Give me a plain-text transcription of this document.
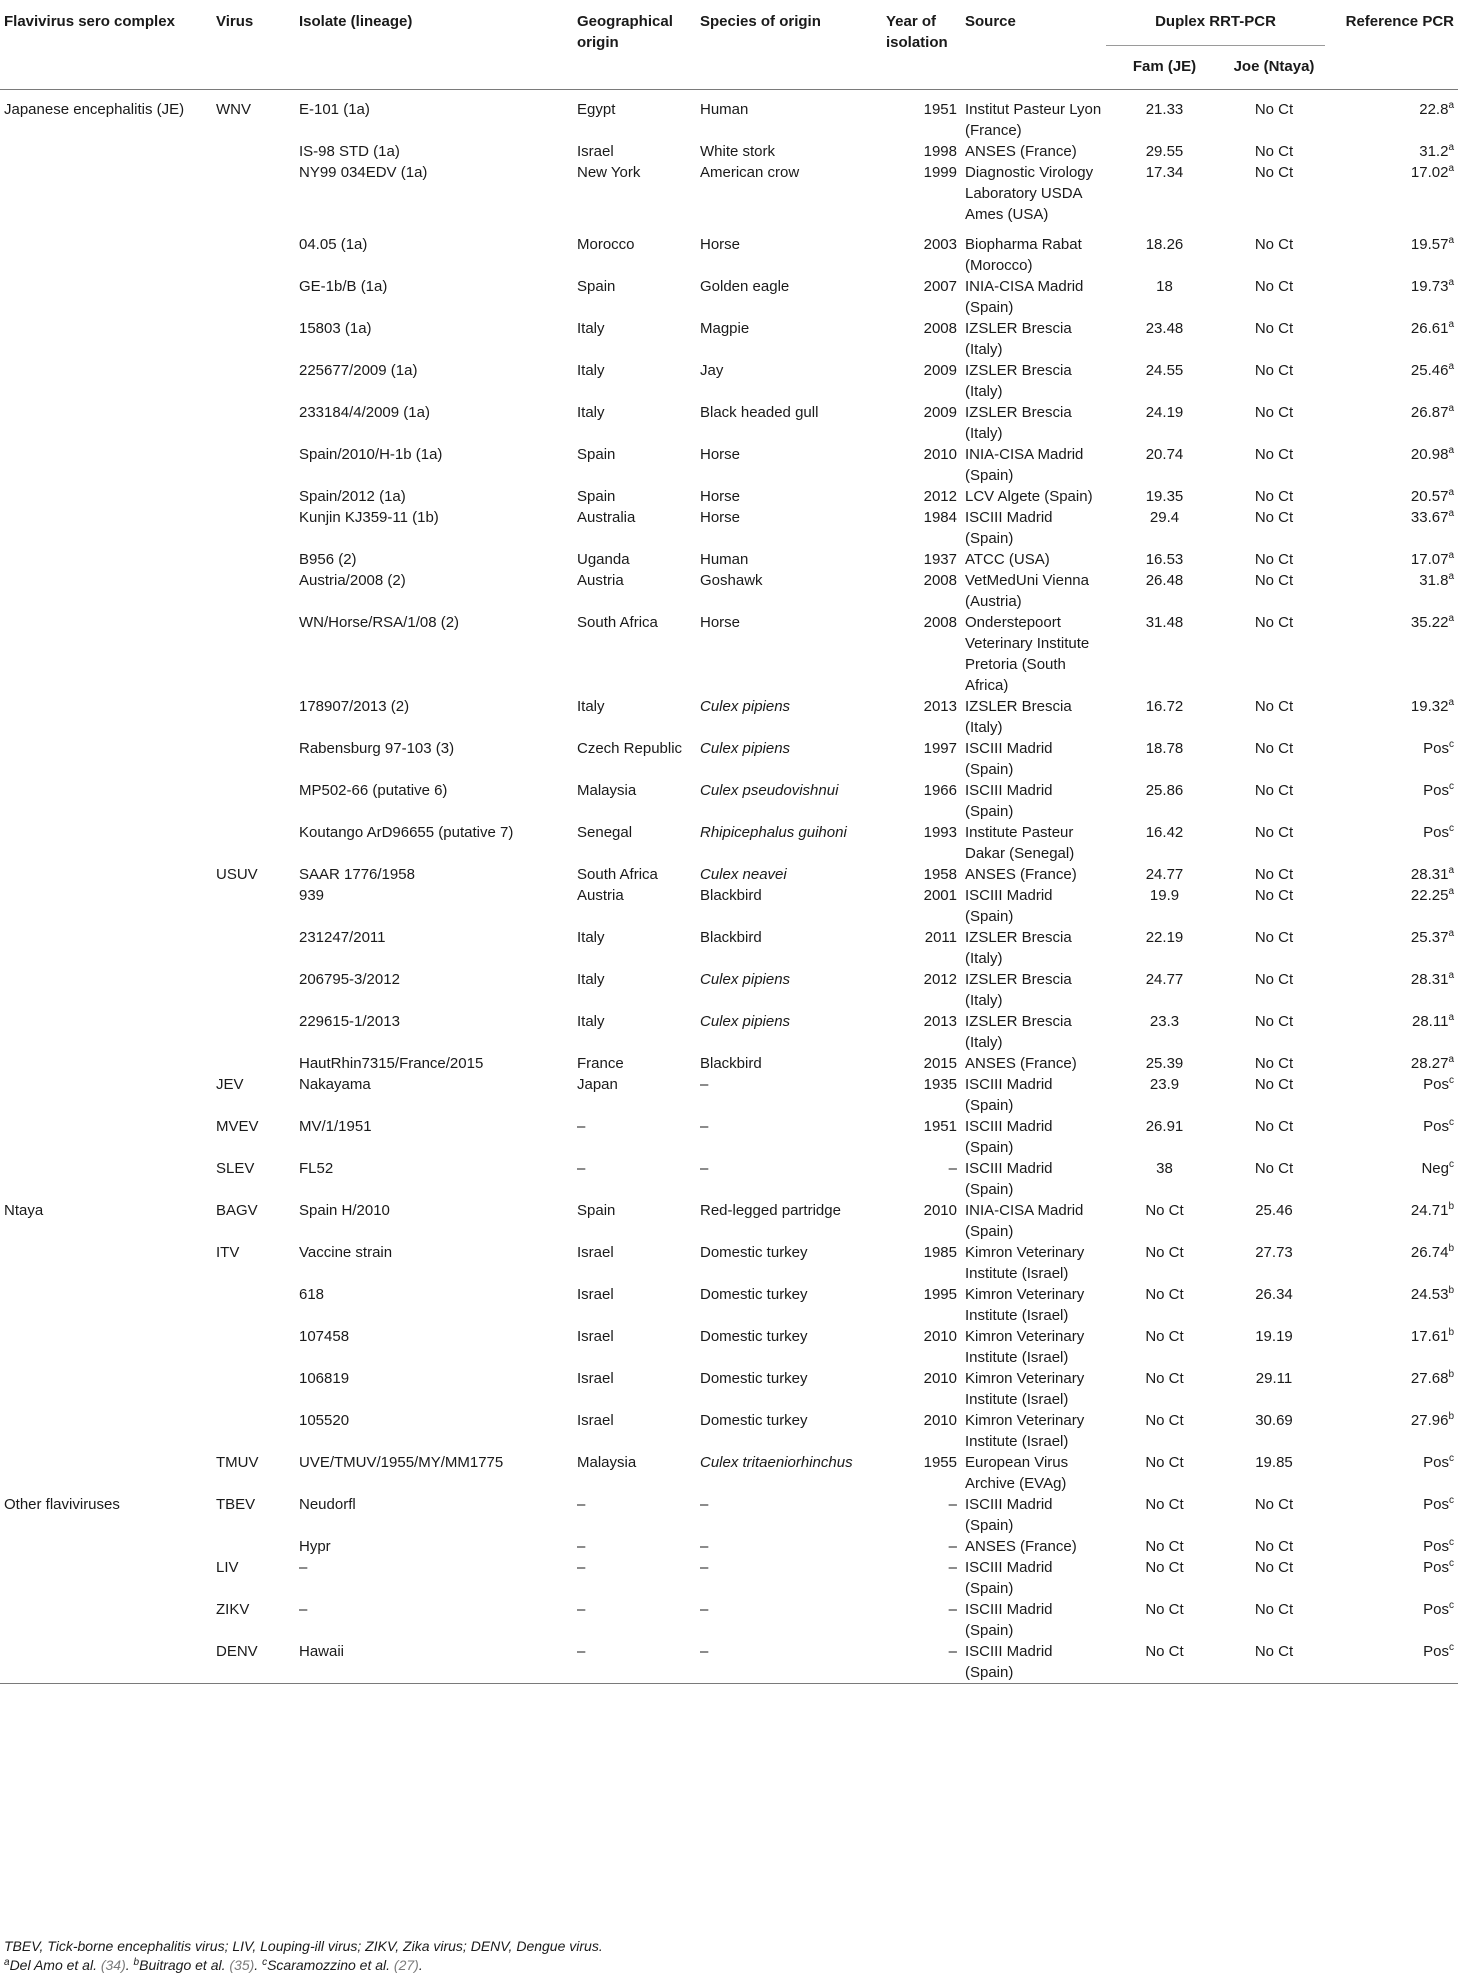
Flavivirus sero complex	Virus	Isolate (lineage)	Geographical origin	Species of origin	Year of isolation	Source	Duplex RRT-PCR		Reference PCR
							Fam (JE)	Joe (Ntaya)	
Japanese encephalitis (JE)	WNV	E-101 (1a)	Egypt	Human	1951	Institut Pasteur Lyon (France)	21.33	No Ct	22.8$^a$
		IS-98 STD (1a)	Israel	White stork	1998	ANSES (France)	29.55	No Ct	31.2$^a$
		NY99 034EDV (1a)	New York	American crow	1999	Diagnostic Virology Laboratory USDA Ames (USA)	17.34	No Ct	17.02$^a$
		04.05 (1a)	Morocco	Horse	2003	Biopharma Rabat (Morocco)	18.26	No Ct	19.57$^a$
		GE-1b/B (1a)	Spain	Golden eagle	2007	INIA-CISA Madrid (Spain)	18	No Ct	19.73$^a$
		15803 (1a)	Italy	Magpie	2008	IZSLER Brescia (Italy)	23.48	No Ct	26.61$^a$
		225677/2009 (1a)	Italy	Jay	2009	IZSLER Brescia (Italy)	24.55	No Ct	25.46$^a$
		233184/4/2009 (1a)	Italy	Black headed gull	2009	IZSLER Brescia (Italy)	24.19	No Ct	26.87$^a$
		Spain/2010/H-1b (1a)	Spain	Horse	2010	INIA-CISA Madrid (Spain)	20.74	No Ct	20.98$^a$
		Spain/2012 (1a)	Spain	Horse	2012	LCV Algete (Spain)	19.35	No Ct	20.57$^a$
		Kunjin KJ359-11 (1b)	Australia	Horse	1984	ISCIII Madrid (Spain)	29.4	No Ct	33.67$^a$
		B956 (2)	Uganda	Human	1937	ATCC (USA)	16.53	No Ct	17.07$^a$
		Austria/2008 (2)	Austria	Goshawk	2008	VetMedUni Vienna (Austria)	26.48	No Ct	31.8$^a$
		WN/Horse/RSA/1/08 (2)	South Africa	Horse	2008	Onderstepoort Veterinary Institute Pretoria (South Africa)	31.48	No Ct	35.22$^a$
		178907/2013 (2)	Italy	Culex pipiens	2013	IZSLER Brescia (Italy)	16.72	No Ct	19.32$^a$
		Rabensburg 97-103 (3)	Czech Republic	Culex pipiens	1997	ISCIII Madrid (Spain)	18.78	No Ct	Pos$^c$
		MP502-66 (putative 6)	Malaysia	Culex pseudovishnui	1966	ISCIII Madrid (Spain)	25.86	No Ct	Pos$^c$
		Koutango ArD96655 (putative 7)	Senegal	Rhipicephalus guihoni	1993	Institute Pasteur Dakar (Senegal)	16.42	No Ct	Pos$^c$
	USUV	SAAR 1776/1958	South Africa	Culex neavei	1958	ANSES (France)	24.77	No Ct	28.31$^a$
		939	Austria	Blackbird	2001	ISCIII Madrid (Spain)	19.9	No Ct	22.25$^a$
		231247/2011	Italy	Blackbird	2011	IZSLER Brescia (Italy)	22.19	No Ct	25.37$^a$
		206795-3/2012	Italy	Culex pipiens	2012	IZSLER Brescia (Italy)	24.77	No Ct	28.31$^a$
		229615-1/2013	Italy	Culex pipiens	2013	IZSLER Brescia (Italy)	23.3	No Ct	28.11$^a$
		HautRhin7315/France/2015	France	Blackbird	2015	ANSES (France)	25.39	No Ct	28.27$^a$
	JEV	Nakayama	Japan	–	1935	ISCIII Madrid (Spain)	23.9	No Ct	Pos$^c$
	MVEV	MV/1/1951	–	–	1951	ISCIII Madrid (Spain)	26.91	No Ct	Pos$^c$
	SLEV	FL52	–	–	–	ISCIII Madrid (Spain)	38	No Ct	Neg$^c$
Ntaya	BAGV	Spain H/2010	Spain	Red-legged partridge	2010	INIA-CISA Madrid (Spain)	No Ct	25.46	24.71$^b$
	ITV	Vaccine strain	Israel	Domestic turkey	1985	Kimron Veterinary Institute (Israel)	No Ct	27.73	26.74$^b$
		618	Israel	Domestic turkey	1995	Kimron Veterinary Institute (Israel)	No Ct	26.34	24.53$^b$
		107458	Israel	Domestic turkey	2010	Kimron Veterinary Institute (Israel)	No Ct	19.19	17.61$^b$
		106819	Israel	Domestic turkey	2010	Kimron Veterinary Institute (Israel)	No Ct	29.11	27.68$^b$
		105520	Israel	Domestic turkey	2010	Kimron Veterinary Institute (Israel)	No Ct	30.69	27.96$^b$
	TMUV	UVE/TMUV/1955/MY/MM1775	Malaysia	Culex tritaeniorhinchus	1955	European Virus Archive (EVAg)	No Ct	19.85	Pos$^c$
Other flaviviruses	TBEV	Neudorfl	–	–	–	ISCIII Madrid (Spain)	No Ct	No Ct	Pos$^c$
		Hypr	–	–	–	ANSES (France)	No Ct	No Ct	Pos$^c$
	LIV	–	–	–	–	ISCIII Madrid (Spain)	No Ct	No Ct	Pos$^c$
	ZIKV	–	–	–	–	ISCIII Madrid (Spain)	No Ct	No Ct	Pos$^c$
	DENV	Hawaii	–	–	–	ISCIII Madrid (Spain)	No Ct	No Ct	Pos$^c$
TBEV, Tick-borne encephalitis virus; LIV, Louping-ill virus; ZIKV, Zika virus; DENV, Dengue virus.
$^a$Del Amo et al. (34). $^b$Buitrago et al. (35). $^c$Scaramozzino et al. (27).
